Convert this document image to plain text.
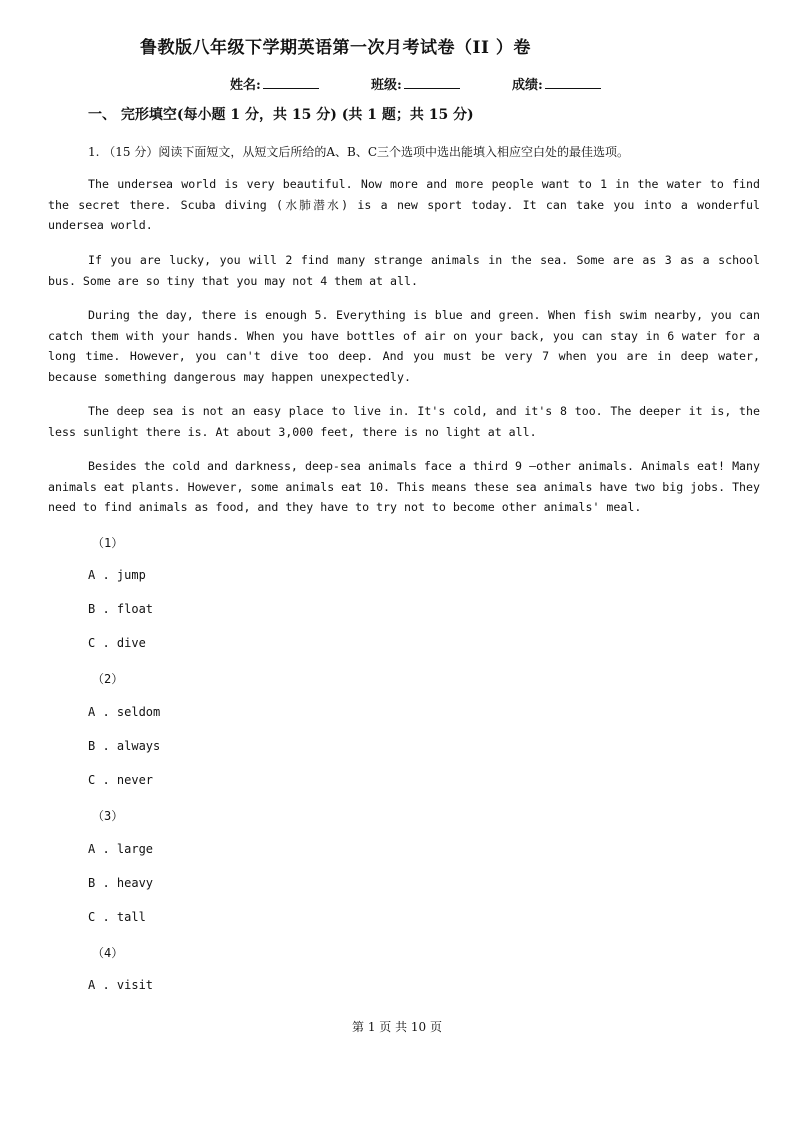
鲁教版八年级下学期英语第一次月考试卷（II ）卷
姓名:	班级:	成绩:
一、 完形填空(每小题 1 分，共 15 分) (共 1 题；共 15 分)
1. （15 分）阅读下面短文，从短文后所给的A、B、C三个选项中选出能填入相应空白处的最佳选项。

The undersea world is very beautiful. Now more and more people want to 1 in the water to find the secret there. Scuba diving (水肺潜水) is a new sport today. It can take you into a wonderful undersea world.

If you are lucky, you will 2 find many strange animals in the sea. Some are as 3 as a school bus. Some are so tiny that you may not 4 them at all.

During the day, there is enough 5. Everything is blue and green. When fish swim nearby, you can catch them with your hands. When you have bottles of air on your back, you can stay in 6 water for a long time. However, you can't dive too deep. And you must be very 7 when you are in deep water, because something dangerous may happen unexpectedly.

The deep sea is not an easy place to live in. It's cold, and it's 8 too. The deeper it is, the less sunlight there is. At about 3,000 feet, there is no light at all.

Besides the cold and darkness, deep-sea animals face a third 9 —other animals. Animals eat! Many animals eat plants. However, some animals eat 10. This means these sea animals have two big jobs. They need to find animals as food, and they have to try not to become other animals' meal.

（1）
A . jump
B . float
C . dive
（2）
A . seldom
B . always
C . never
（3）
A . large
B . heavy
C . tall
（4）
A . visit
第 1 页 共 10 页
